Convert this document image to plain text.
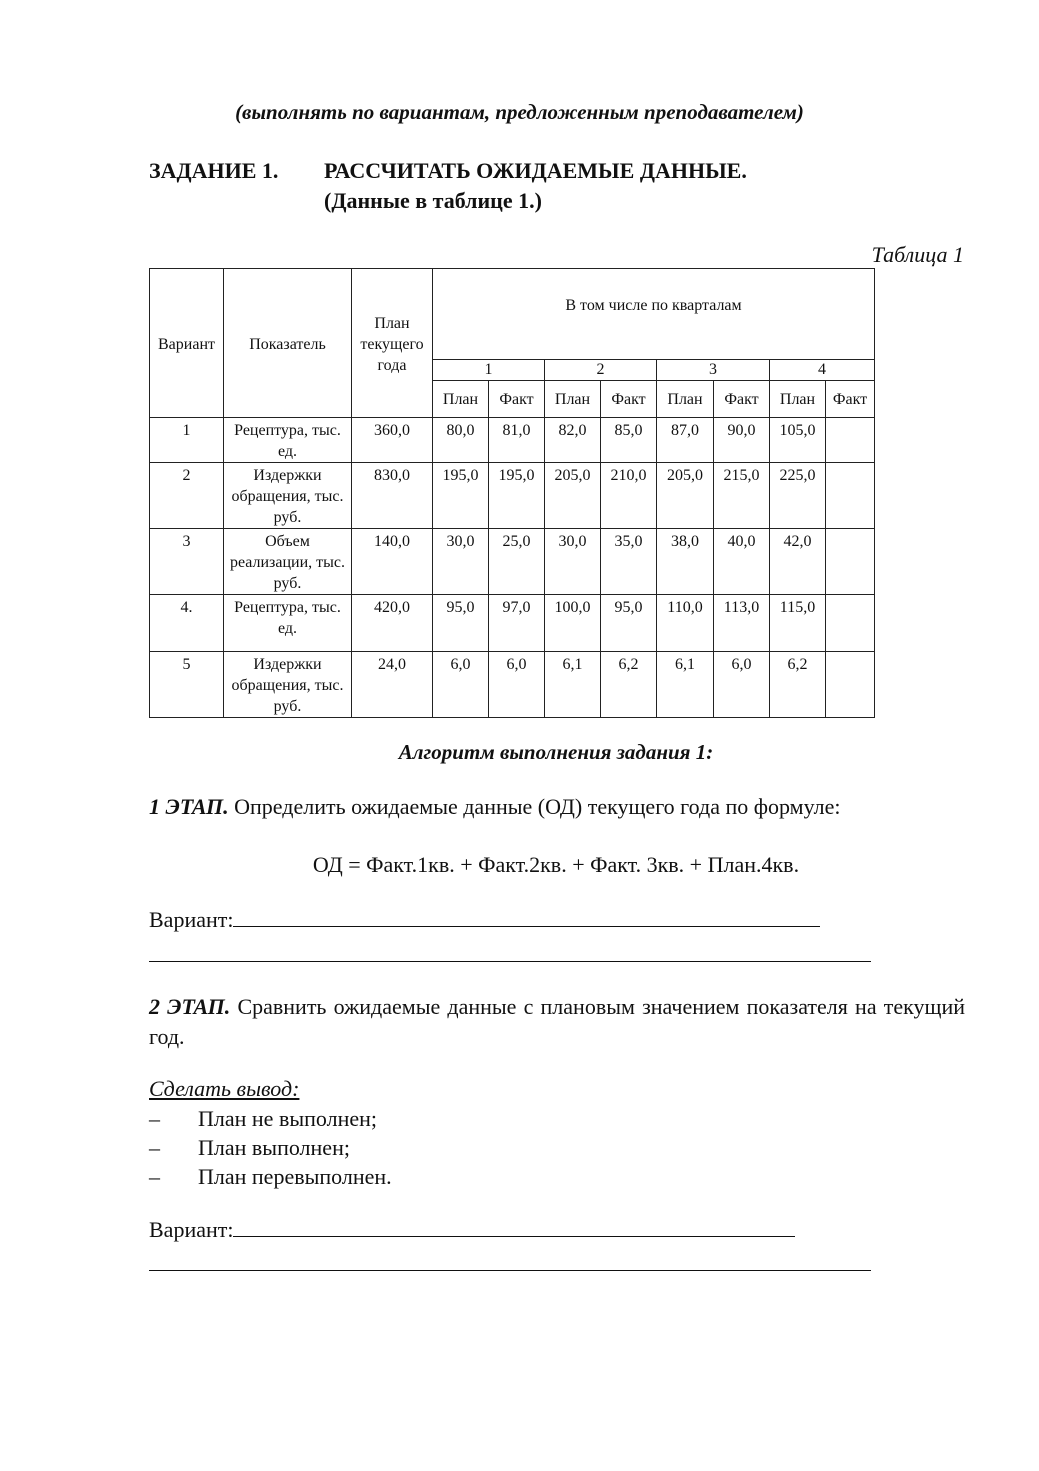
(выполнять по вариантам, предложенным преподавателем)
ЗАДАНИЕ 1. РАССЧИТАТЬ ОЖИДАЕМЫЕ ДАННЫЕ.
(Данные в таблице 1.)
Таблица 1
Вариант	Показатель	План текущего года	В том числе по кварталам							

			1		2		3		4	
			План	Факт	План	Факт	План	Факт	План	Факт
1	Рецептура, тыс. ед.	360,0	80,0	81,0	82,0	85,0	87,0	90,0	105,0	
2	Издержки обращения, тыс. руб.	830,0	195,0	195,0	205,0	210,0	205,0	215,0	225,0	
3	Объем реализации, тыс. руб.	140,0	30,0	25,0	30,0	35,0	38,0	40,0	42,0	
4.	Рецептура, тыс. ед.	420,0	95,0	97,0	100,0	95,0	110,0	113,0	115,0	
5	Издержки обращения, тыс. руб.	24,0	6,0	6,0	6,1	6,2	6,1	6,0	6,2	
Алгоритм выполнения задания 1:
1 ЭТАП. Определить ожидаемые данные (ОД) текущего года по формуле:
ОД = Факт.1кв. + Факт.2кв. + Факт. 3кв. + План.4кв.
Вариант:
2 ЭТАП. Сравнить ожидаемые данные с плановым значением показателя на текущий год.
Сделать вывод:
– План не выполнен;
– План выполнен;
– План перевыполнен.
Вариант:
